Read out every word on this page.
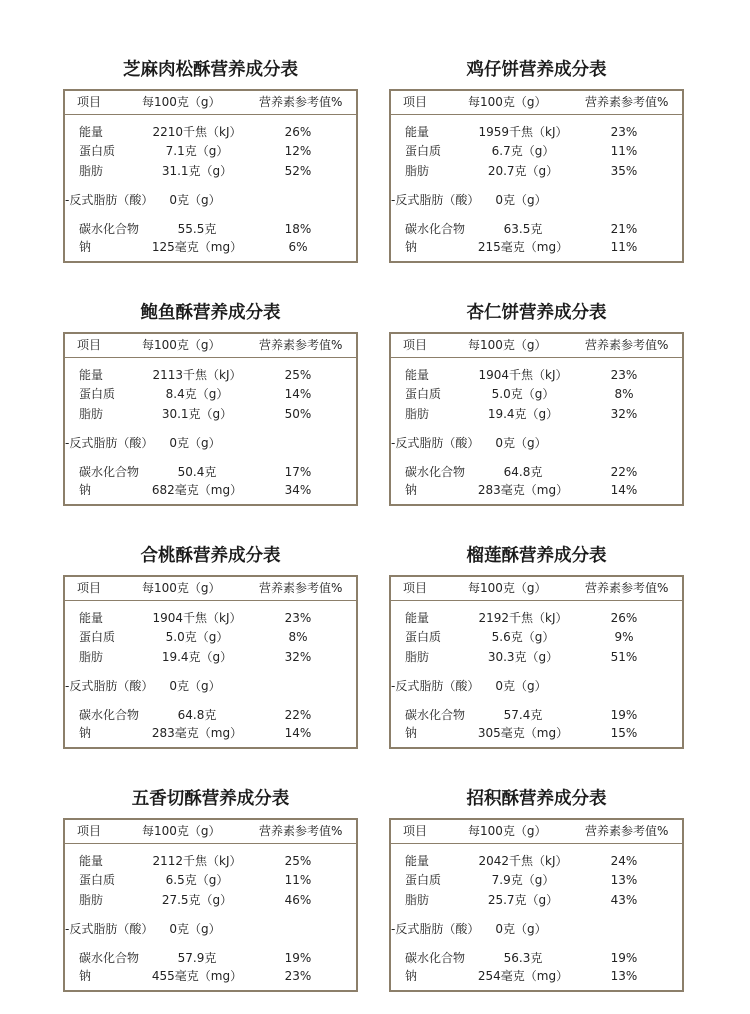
芝麻肉松酥营养成分表
项目	每100克（g）	营养素参考值%
能量	2210千焦（kJ）	26%
蛋白质	7.1克（g）	12%
脂肪	31.1克（g）	52%
-反式脂肪（酸）	0克（g）
碳水化合物	55.5克	18%
钠	125毫克（mg）	6%
鸡仔饼营养成分表
项目	每100克（g）	营养素参考值%
能量	1959千焦（kJ）	23%
蛋白质	6.7克（g）	11%
脂肪	20.7克（g）	35%
-反式脂肪（酸）	0克（g）
碳水化合物	63.5克	21%
钠	215毫克（mg）	11%
鲍鱼酥营养成分表
项目	每100克（g）	营养素参考值%
能量	2113千焦（kJ）	25%
蛋白质	8.4克（g）	14%
脂肪	30.1克（g）	50%
-反式脂肪（酸）	0克（g）
碳水化合物	50.4克	17%
钠	682毫克（mg）	34%
杏仁饼营养成分表
项目	每100克（g）	营养素参考值%
能量	1904千焦（kJ）	23%
蛋白质	5.0克（g）	8%
脂肪	19.4克（g）	32%
-反式脂肪（酸）	0克（g）
碳水化合物	64.8克	22%
钠	283毫克（mg）	14%
合桃酥营养成分表
项目	每100克（g）	营养素参考值%
能量	1904千焦（kJ）	23%
蛋白质	5.0克（g）	8%
脂肪	19.4克（g）	32%
-反式脂肪（酸）	0克（g）
碳水化合物	64.8克	22%
钠	283毫克（mg）	14%
榴莲酥营养成分表
项目	每100克（g）	营养素参考值%
能量	2192千焦（kJ）	26%
蛋白质	5.6克（g）	9%
脂肪	30.3克（g）	51%
-反式脂肪（酸）	0克（g）
碳水化合物	57.4克	19%
钠	305毫克（mg）	15%
五香切酥营养成分表
项目	每100克（g）	营养素参考值%
能量	2112千焦（kJ）	25%
蛋白质	6.5克（g）	11%
脂肪	27.5克（g）	46%
-反式脂肪（酸）	0克（g）
碳水化合物	57.9克	19%
钠	455毫克（mg）	23%
招积酥营养成分表
项目	每100克（g）	营养素参考值%
能量	2042千焦（kJ）	24%
蛋白质	7.9克（g）	13%
脂肪	25.7克（g）	43%
-反式脂肪（酸）	0克（g）
碳水化合物	56.3克	19%
钠	254毫克（mg）	13%
